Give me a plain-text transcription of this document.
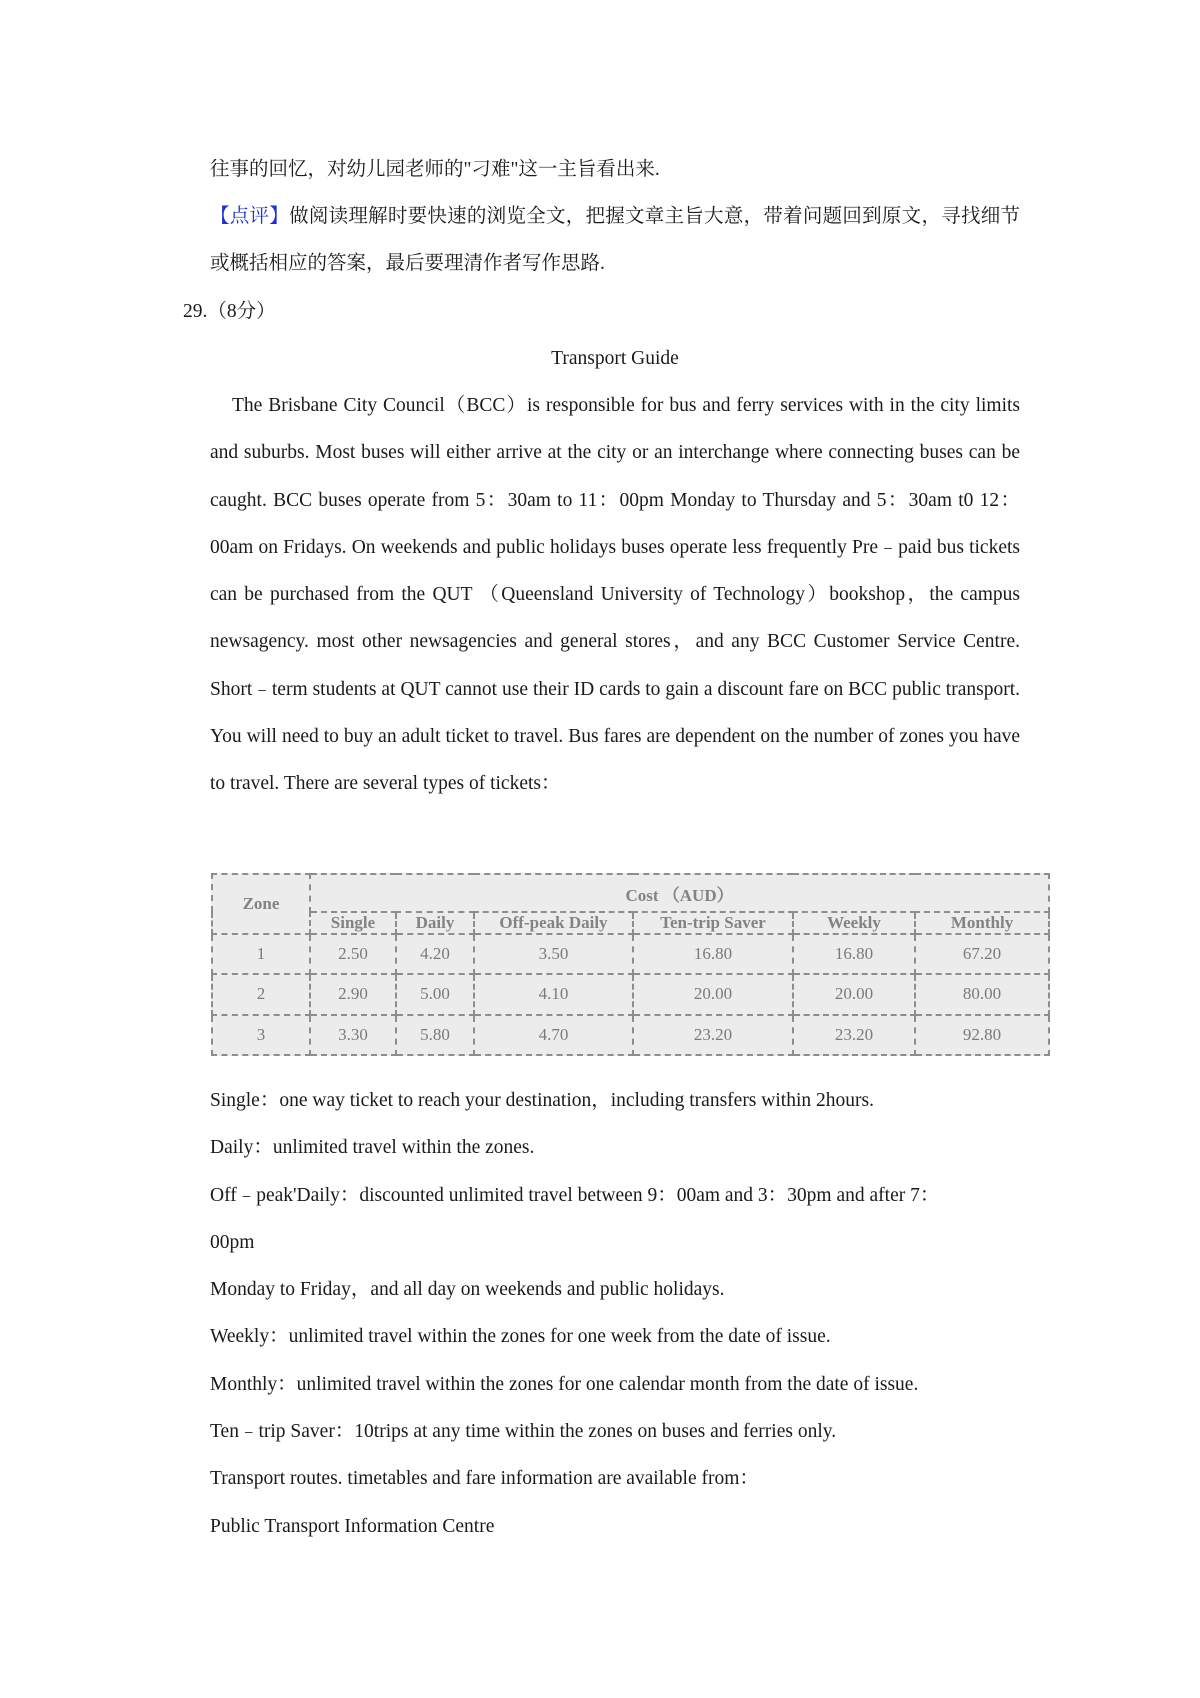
往事的回忆，对幼儿园老师的"刁难"这一主旨看出来.
【点评】做阅读理解时要快速的浏览全文，把握文章主旨大意，带着问题回到原文，寻找细节或概括相应的答案，最后要理清作者写作思路.
29.（8分）
Transport Guide
The Brisbane City Council（BCC）is responsible for bus and ferry services with in the city limits and suburbs. Most buses will either arrive at the city or an interchange where connecting buses can be caught. BCC buses operate from 5：30am to 11：00pm Monday to Thursday and 5：30am t0 12：00am on Fridays. On weekends and public holidays buses operate less frequently Pre﹣paid bus tickets can be purchased from the QUT （Queensland University of Technology）bookshop，the campus newsagency. most other newsagencies and general stores，and any BCC Customer Service Centre. Short﹣term students at QUT cannot use their ID cards to gain a discount fare on BCC public transport. You will need to buy an adult ticket to travel. Bus fares are dependent on the number of zones you have to travel. There are several types of tickets：
Zone	Cost （AUD）					
	Single	Daily	Off-peak Daily	Ten-trip Saver	Weekly	Monthly
1	2.50	4.20	3.50	16.80	16.80	67.20
2	2.90	5.00	4.10	20.00	20.00	80.00
3	3.30	5.80	4.70	23.20	23.20	92.80
Single：one way ticket to reach your destination，including transfers within 2hours.
Daily：unlimited travel within the zones.
Off﹣peak'Daily：discounted unlimited travel between 9：00am and 3：30pm and after 7：
00pm
Monday to Friday，and all day on weekends and public holidays.
Weekly：unlimited travel within the zones for one week from the date of issue.
Monthly：unlimited travel within the zones for one calendar month from the date of issue.
Ten﹣trip Saver：10trips at any time within the zones on buses and ferries only.
Transport routes. timetables and fare information are available from：
Public Transport Information Centre
